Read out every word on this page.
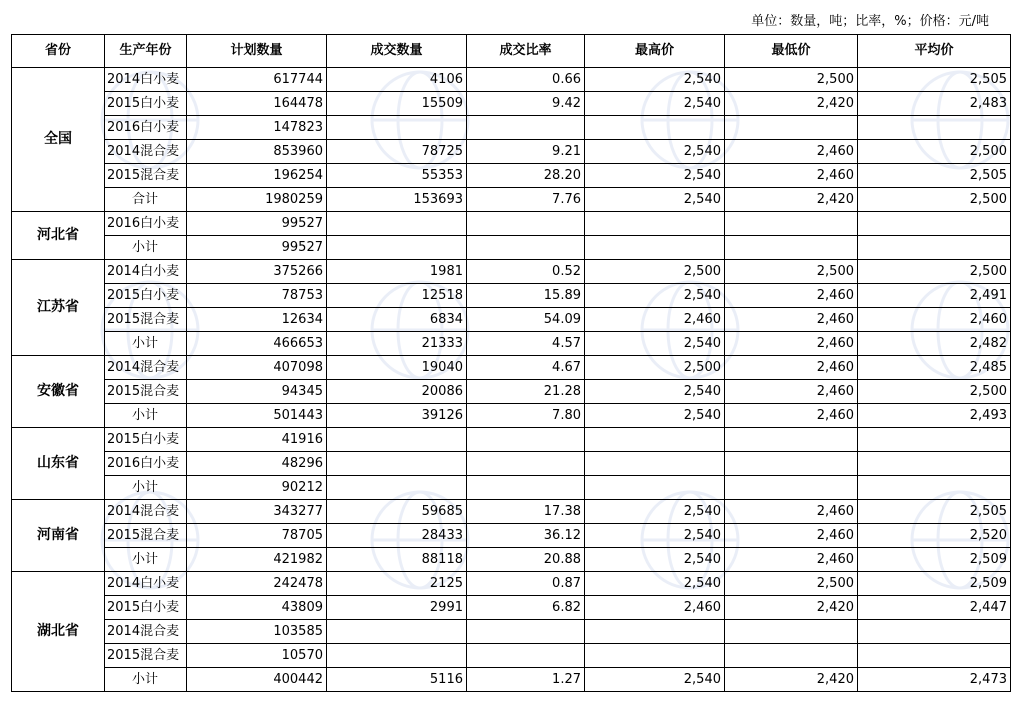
单位：数量，吨；比率，%；价格：元/吨
省份	生产年份	计划数量	成交数量	成交比率	最高价	最低价	平均价
全国	2014白小麦	617744	4106	0.66	2,540	2,500	2,505
	2015白小麦	164478	15509	9.42	2,540	2,420	2,483
	2016白小麦	147823					
	2014混合麦	853960	78725	9.21	2,540	2,460	2,500
	2015混合麦	196254	55353	28.20	2,540	2,460	2,505
	合计	1980259	153693	7.76	2,540	2,420	2,500
河北省	2016白小麦	99527					
	小计	99527					
江苏省	2014白小麦	375266	1981	0.52	2,500	2,500	2,500
	2015白小麦	78753	12518	15.89	2,540	2,460	2,491
	2015混合麦	12634	6834	54.09	2,460	2,460	2,460
	小计	466653	21333	4.57	2,540	2,460	2,482
安徽省	2014混合麦	407098	19040	4.67	2,500	2,460	2,485
	2015混合麦	94345	20086	21.28	2,540	2,460	2,500
	小计	501443	39126	7.80	2,540	2,460	2,493
山东省	2015白小麦	41916					
	2016白小麦	48296					
	小计	90212					
河南省	2014混合麦	343277	59685	17.38	2,540	2,460	2,505
	2015混合麦	78705	28433	36.12	2,540	2,460	2,520
	小计	421982	88118	20.88	2,540	2,460	2,509
湖北省	2014白小麦	242478	2125	0.87	2,540	2,500	2,509
	2015白小麦	43809	2991	6.82	2,460	2,420	2,447
	2014混合麦	103585					
	2015混合麦	10570					
	小计	400442	5116	1.27	2,540	2,420	2,473
